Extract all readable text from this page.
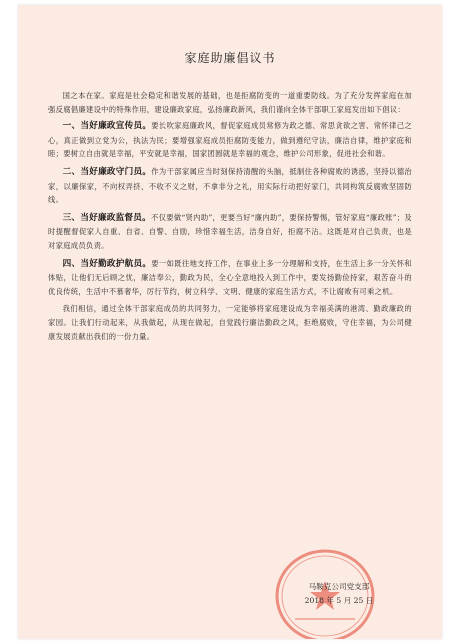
家庭助廉倡议书

国之本在家。家庭是社会稳定和谐发展的基础，也是拒腐防变的一道重要防线。为了充分发挥家庭在加强反腐倡廉建设中的特殊作用，建设廉政家庭，弘扬廉政新风，我们谨向全体干部职工家庭发出如下倡议：

一、当好廉政宣传员。要长吹家庭廉政风，督促家庭成员常修为政之德、常思贪欲之害、常怀律己之心，真正做到立党为公，执法为民；要增强家庭成员拒腐防变能力，做到遵纪守法，廉洁自律，维护家庭和睦；要树立自由就是幸福，平安就是幸福，国家团圆就是幸福的观念，维护公司形象，促进社会和谐。

二、当好廉政守门员。作为干部家属应当时刻保持清醒的头脑，抵制住各种腐败的诱惑，坚持以德治家，以廉保家，不向权弄挤，不收不义之财，不拿非分之礼，用实际行动把好家门，共同构筑反腐败坚固防线。

三、当好廉政监督员。不仅要做“贤内助”，更要当好“廉内助”，要保持警惕，管好家庭“廉政账”；及时提醒督促家人自重、自省、自警、自励，珍惜幸福生活，洁身自好，拒腐不沾。这既是对自己负责，也是对家庭成员负责。

四、当好勤政护航员。要一如既往地支持工作，在事业上多一分理解和支持，在生活上多一分关怀和体贴，让他们无后顾之忧，廉洁奉公，勤政为民，全心全意地投入到工作中，要发扬勤俭持家，艰苦奋斗的优良传统，生活中不慕奢华，厉行节约，树立科学、文明、健康的家庭生活方式，不让腐败有可乘之机。

我们相信，通过全体干部家庭成员的共同努力，一定能够将家庭建设成为幸福美满的港湾、勤政廉政的家园。让我们行动起来，从我做起，从现在做起，自觉践行廉洁勤政之风，拒绝腐败，守住幸福，为公司健康发展贡献出我们的一份力量。

马鞍克公司党支部
2018 年 5 月 25 日
